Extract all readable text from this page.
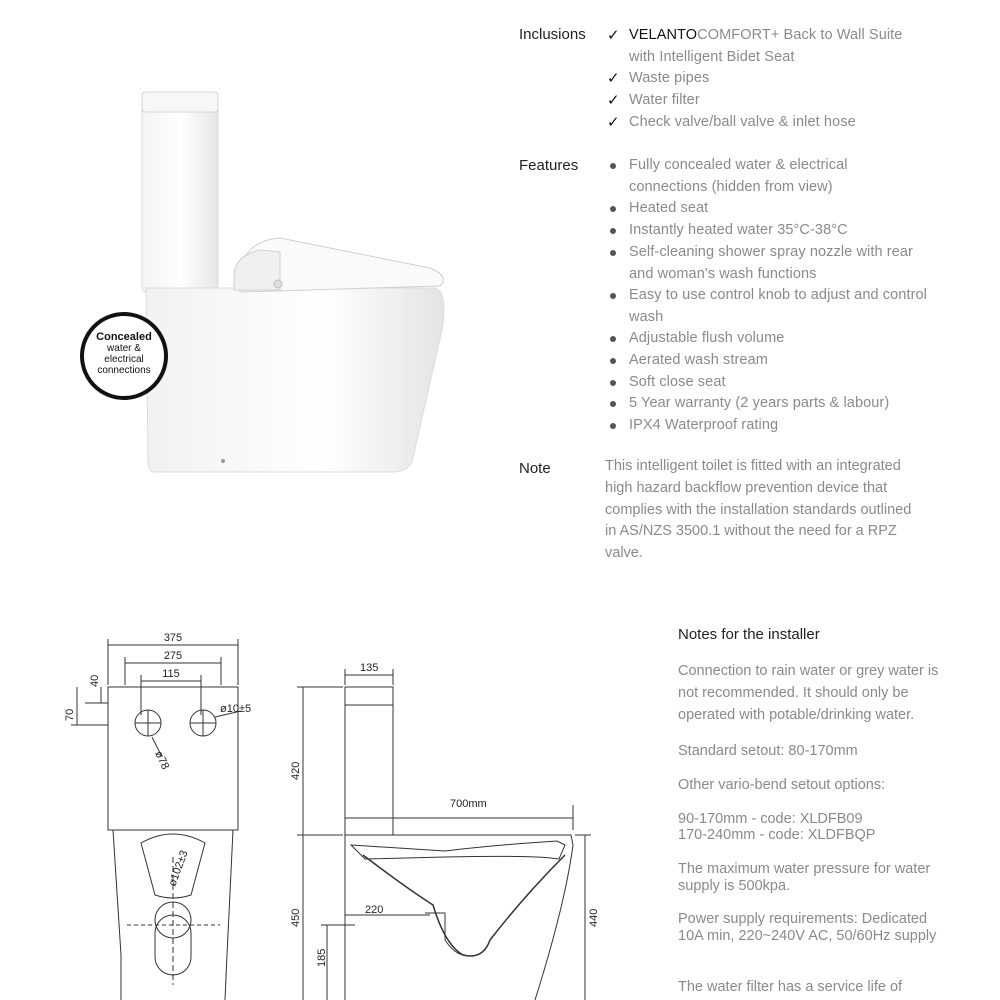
Concealed
water &
electrical
connections
Inclusions ✓ VELANTOCOMFORT+ Back to Wall Suite with Intelligent Bidet Seat
✓ Waste pipes
✓ Water filter
✓ Check valve/ball valve & inlet hose
Features	Fully concealed water & electrical connections (hidden from view)
Heated seat
Instantly heated water 35°C-38°C
Self-cleaning shower spray nozzle with rear and woman's wash functions
Easy to use control knob to adjust and control wash
Adjustable flush volume
Aerated wash stream
Soft close seat
5 Year warranty (2 years parts & labour)
IPX4 Waterproof rating
Note	This intelligent toilet is fitted with an integrated high hazard backflow prevention device that complies with the installation standards outlined in AS/NZS 3500.1 without the need for a RPZ valve.
375
275
115
40
70	ø10±5
ø78
ø102±3
135
420
700mm
450	220	440
185
Notes for the installer
Connection to rain water or grey water is not recommended. It should only be operated with potable/drinking water.
Standard setout: 80-170mm
Other vario-bend setout options:
90-170mm - code: XLDFB09
170-240mm - code: XLDFBQP
The maximum water pressure for water supply is 500kpa.
Power supply requirements: Dedicated 10A min, 220~240V AC, 50/60Hz supply
The water filter has a service life of
